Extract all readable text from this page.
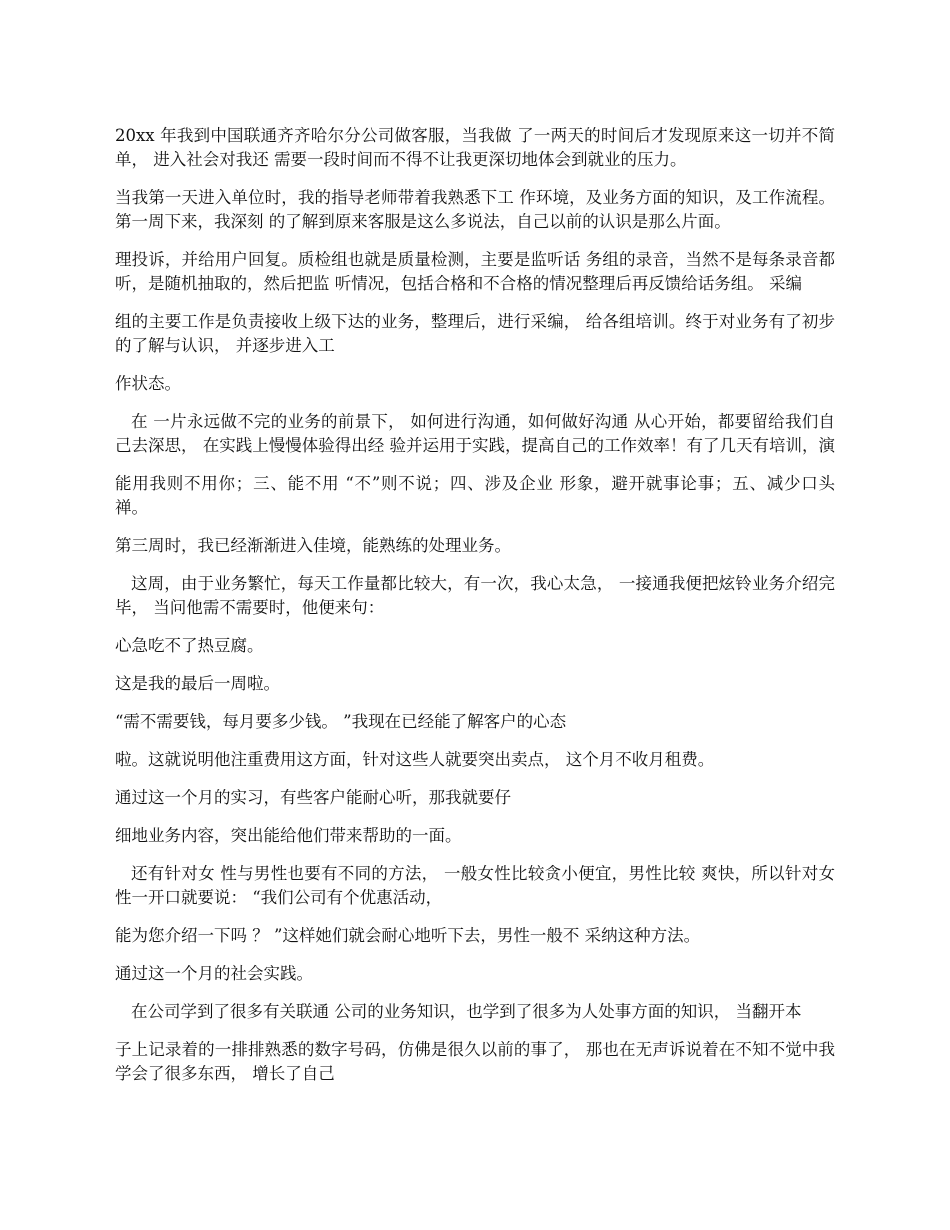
20xx 年我到中国联通齐齐哈尔分公司做客服，当我做 了一两天的时间后才发现原来这一切并不简单， 进入社会对我还 需要一段时间而不得不让我更深切地体会到就业的压力。

当我第一天进入单位时，我的指导老师带着我熟悉下工 作环境，及业务方面的知识，及工作流程。第一周下来，我深刻 的了解到原来客服是这么多说法，自己以前的认识是那么片面。

理投诉，并给用户回复。质检组也就是质量检测，主要是监听话 务组的录音，当然不是每条录音都听，是随机抽取的，然后把监 听情况，包括合格和不合格的情况整理后再反馈给话务组。 采编

组的主要工作是负责接收上级下达的业务，整理后，进行采编， 给各组培训。终于对业务有了初步的了解与认识， 并逐步进入工

作状态。

在 一片永远做不完的业务的前景下， 如何进行沟通，如何做好沟通 从心开始，都要留给我们自己去深思， 在实践上慢慢体验得出经 验并运用于实践，提高自己的工作效率！有了几天有培训，演

能用我则不用你；三、能不用 “不”则不说；四、涉及企业 形象，避开就事论事；五、减少口头禅。

第三周时，我已经渐渐进入佳境，能熟练的处理业务。

这周，由于业务繁忙，每天工作量都比较大，有一次，我心太急， 一接通我便把炫铃业务介绍完毕， 当问他需不需要时，他便来句：

心急吃不了热豆腐。

这是我的最后一周啦。

“需不需要钱，每月要多少钱。 ”我现在已经能了解客户的心态

啦。这就说明他注重费用这方面，针对这些人就要突出卖点， 这个月不收月租费。

通过这一个月的实习，有些客户能耐心听，那我就要仔

细地业务内容，突出能给他们带来帮助的一面。

还有针对女 性与男性也要有不同的方法， 一般女性比较贪小便宜，男性比较 爽快，所以针对女性一开口就要说： “我们公司有个优惠活动，

能为您介绍一下吗 ？ ”这样她们就会耐心地听下去，男性一般不 采纳这种方法。

通过这一个月的社会实践。

在公司学到了很多有关联通 公司的业务知识，也学到了很多为人处事方面的知识， 当翻开本

子上记录着的一排排熟悉的数字号码，仿佛是很久以前的事了， 那也在无声诉说着在不知不觉中我学会了很多东西， 增长了自己
